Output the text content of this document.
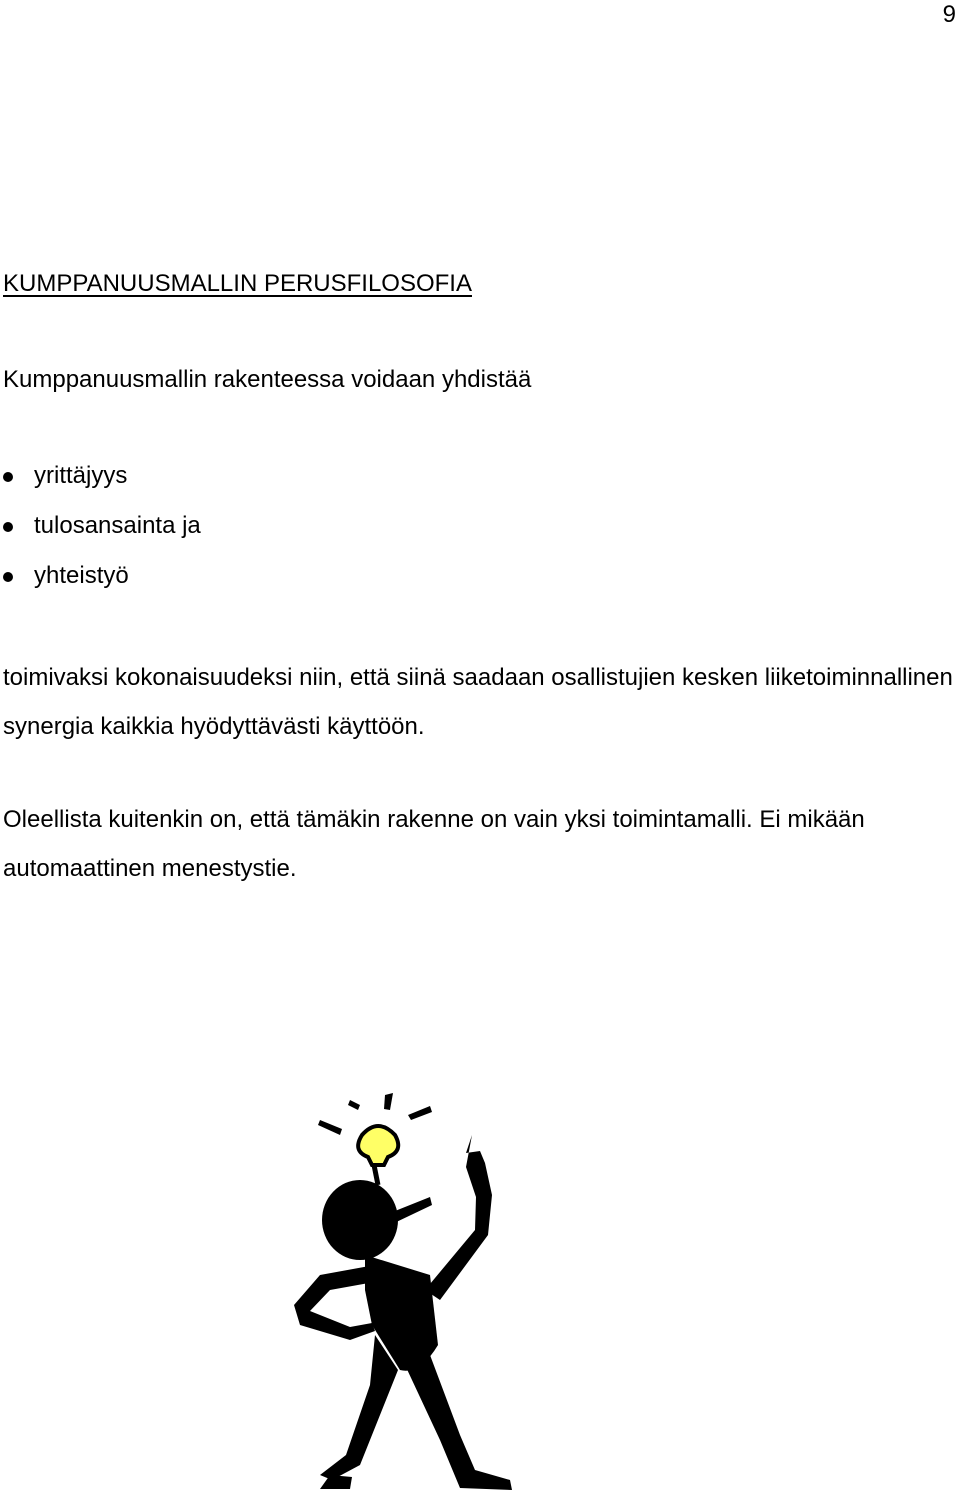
9
KUMPPANUUSMALLIN PERUSFILOSOFIA
Kumppanuusmallin rakenteessa voidaan yhdistää
yrittäjyys
tulosansainta ja
yhteistyö
toimivaksi kokonaisuudeksi niin, että siinä saadaan osallistujien kesken liiketoiminnallinen synergia kaikkia hyödyttävästi käyttöön.
Oleellista kuitenkin on, että tämäkin rakenne on vain yksi toimintamalli. Ei mikään automaattinen menestystie.
